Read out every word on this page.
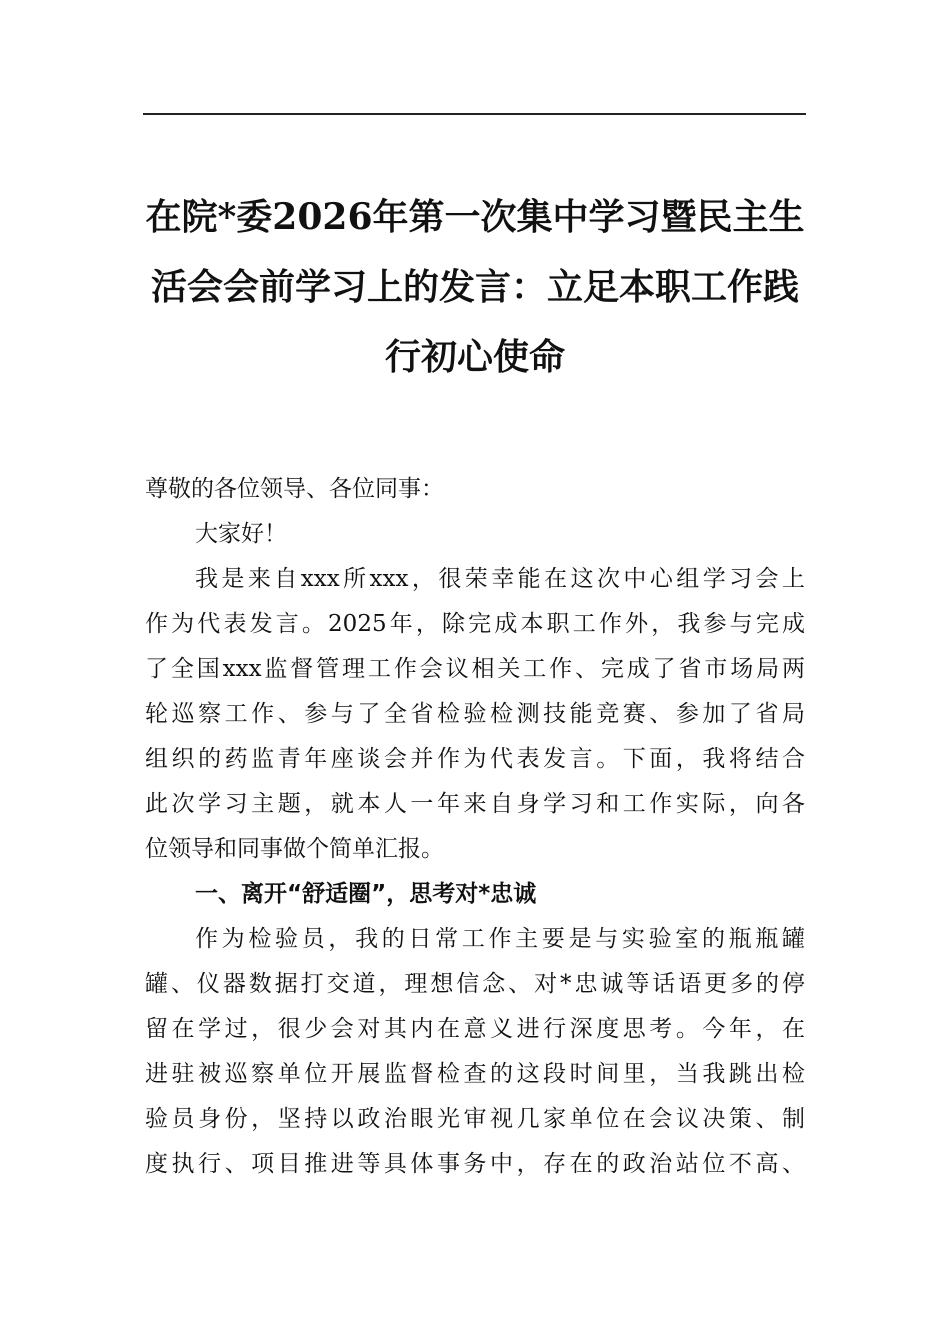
在院*委2026年第一次集中学习暨民主生
活会会前学习上的发言：立足本职工作践
行初心使命
尊敬的各位领导、各位同事：
大家好！
我是来自xxx所xxx，很荣幸能在这次中心组学习会上
作为代表发言。2025年，除完成本职工作外，我参与完成
了全国xxx监督管理工作会议相关工作、完成了省市场局两
轮巡察工作、参与了全省检验检测技能竞赛、参加了省局
组织的药监青年座谈会并作为代表发言。下面，我将结合
此次学习主题，就本人一年来自身学习和工作实际，向各
位领导和同事做个简单汇报。
一、离开“舒适圈”，思考对*忠诚
作为检验员，我的日常工作主要是与实验室的瓶瓶罐
罐、仪器数据打交道，理想信念、对*忠诚等话语更多的停
留在学过，很少会对其内在意义进行深度思考。今年，在
进驻被巡察单位开展监督检查的这段时间里，当我跳出检
验员身份，坚持以政治眼光审视几家单位在会议决策、制
度执行、项目推进等具体事务中，存在的政治站位不高、
